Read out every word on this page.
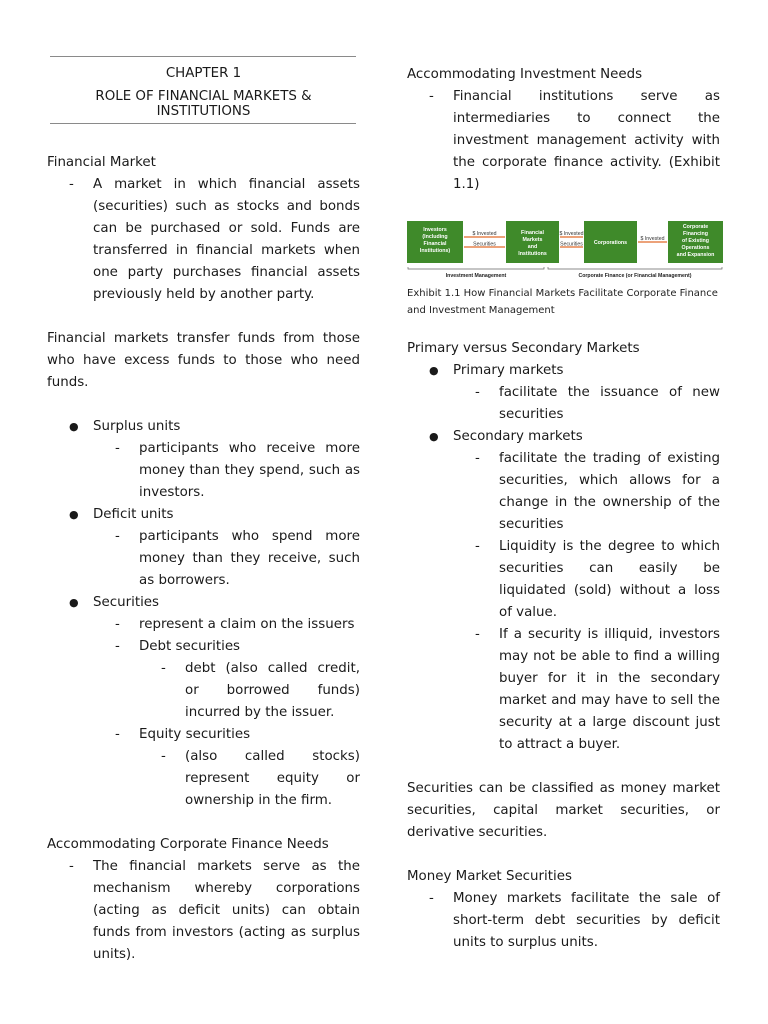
CHAPTER 1
ROLE OF FINANCIAL MARKETS & INSTITUTIONS

Financial Market

- A market in which financial assets (securities) such as stocks and bonds can be purchased or sold. Funds are transferred in financial markets when one party purchases financial assets previously held by another party.

Financial markets transfer funds from those who have excess funds to those who need funds.

● Surplus units

- participants who receive more money than they spend, such as investors.

● Deficit units

- participants who spend more money than they receive, such as borrowers.

● Securities

- represent a claim on the issuers

- Debt securities

- debt (also called credit, or borrowed funds) incurred by the issuer.

- Equity securities

- (also called stocks) represent equity or ownership in the firm.

Accommodating Corporate Finance Needs

- The financial markets serve as the mechanism whereby corporations (acting as deficit units) can obtain funds from investors (acting as surplus units).

Accommodating Investment Needs

- Financial institutions serve as intermediaries to connect the investment management activity with the corporate finance activity. (Exhibit 1.1)

Investors
(Including
Financial
Institutions)
Financial
Markets
and
Institutions
Corporations
Corporate
Financing
of Existing
Operations
and Expansion
$ Invested
Securities
$ Invested
Securities
$ Invested
Investment Management	Corporate Finance (or Financial Management)

Exhibit 1.1 How Financial Markets Facilitate Corporate Finance and Investment Management

Primary versus Secondary Markets

● Primary markets

- facilitate the issuance of new securities

● Secondary markets

- facilitate the trading of existing securities, which allows for a change in the ownership of the securities

- Liquidity is the degree to which securities can easily be liquidated (sold) without a loss of value.

- If a security is illiquid, investors may not be able to find a willing buyer for it in the secondary market and may have to sell the security at a large discount just to attract a buyer.

Securities can be classified as money market securities, capital market securities, or derivative securities.

Money Market Securities

- Money markets facilitate the sale of short-term debt securities by deficit units to surplus units.
